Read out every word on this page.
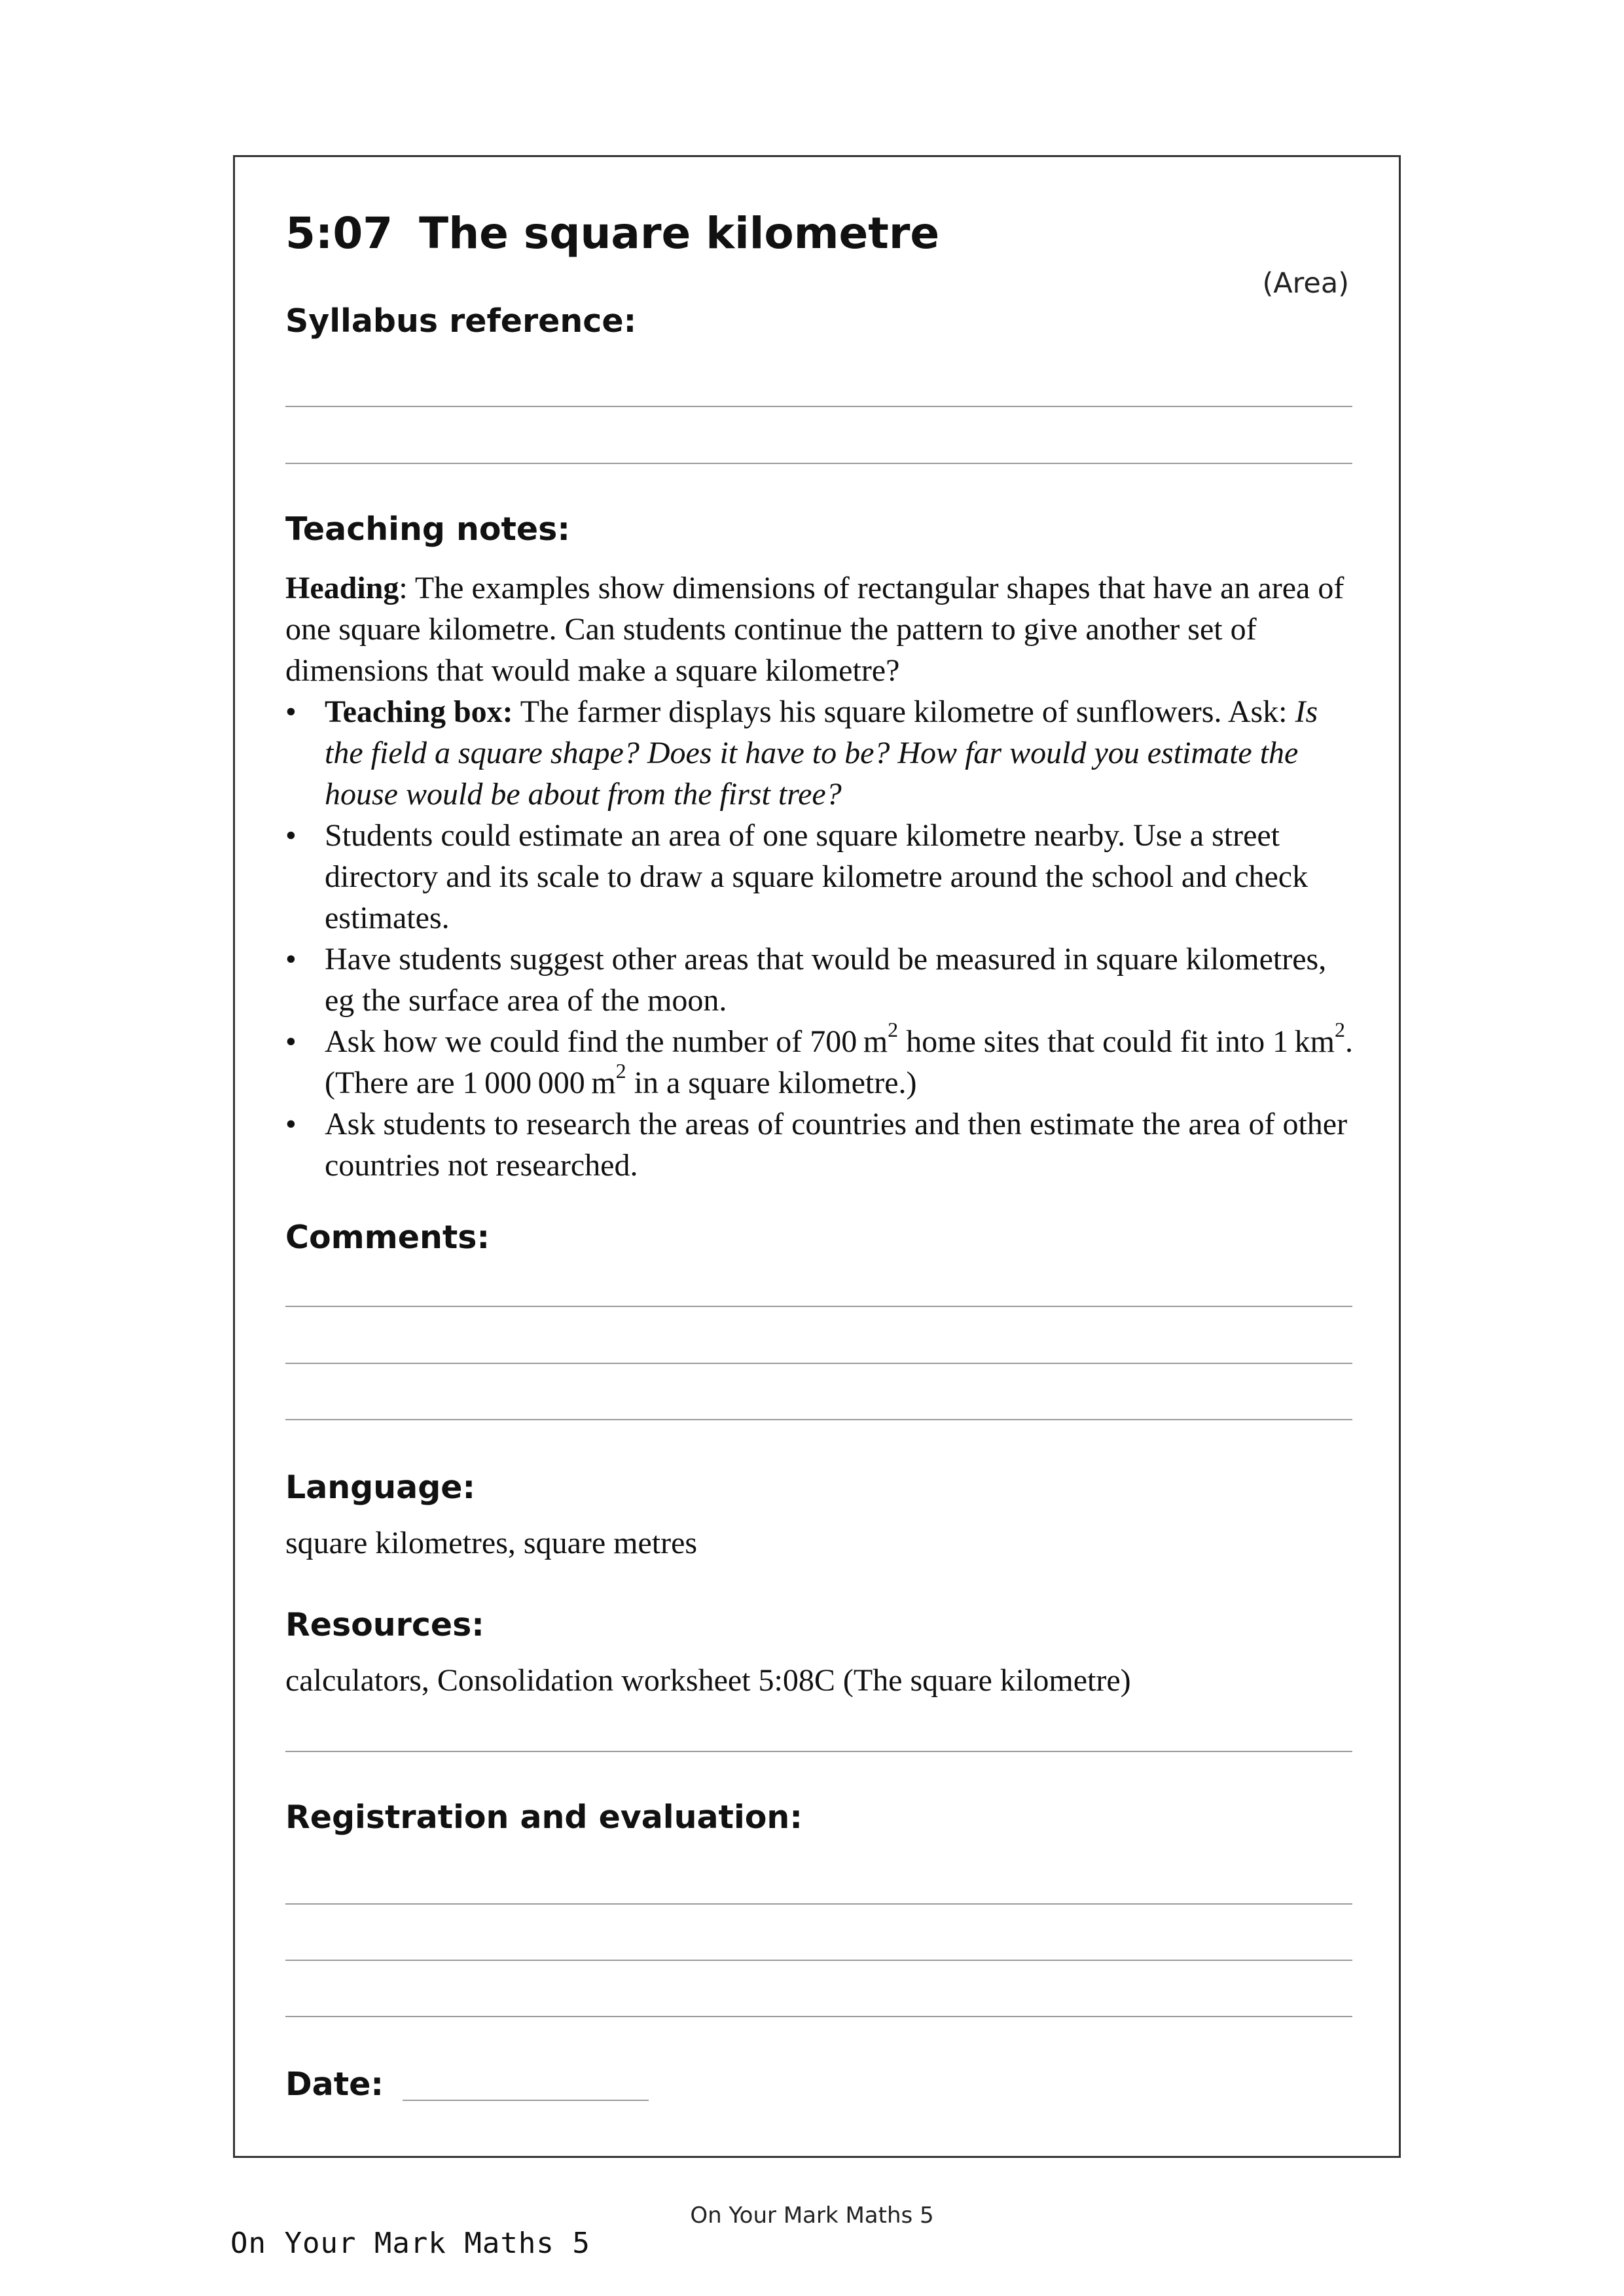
5:07 The square kilometre
(Area)
Syllabus reference:
Teaching notes:

Heading: The examples show dimensions of rectangular shapes that have an area of one square kilometre. Can students continue the pattern to give another set of dimensions that would make a square kilometre?

• Teaching box: The farmer displays his square kilometre of sunflowers. Ask: Is the field a square shape? Does it have to be? How far would you estimate the house would be about from the first tree?
• Students could estimate an area of one square kilometre nearby. Use a street directory and its scale to draw a square kilometre around the school and check estimates.
• Have students suggest other areas that would be measured in square kilometres, eg the surface area of the moon.
• Ask how we could find the number of 700 $m^2$ home sites that could fit into 1 $km^2$. (There are 1 000 000 $m^2$ in a square kilometre.)
• Ask students to research the areas of countries and then estimate the area of other countries not researched.
Comments:
Language:
square kilometres, square metres
Resources:
calculators, Consolidation worksheet 5:08C (The square kilometre)
Registration and evaluation:
Date:
On Your Mark Maths 5
On Your Mark Maths 5
